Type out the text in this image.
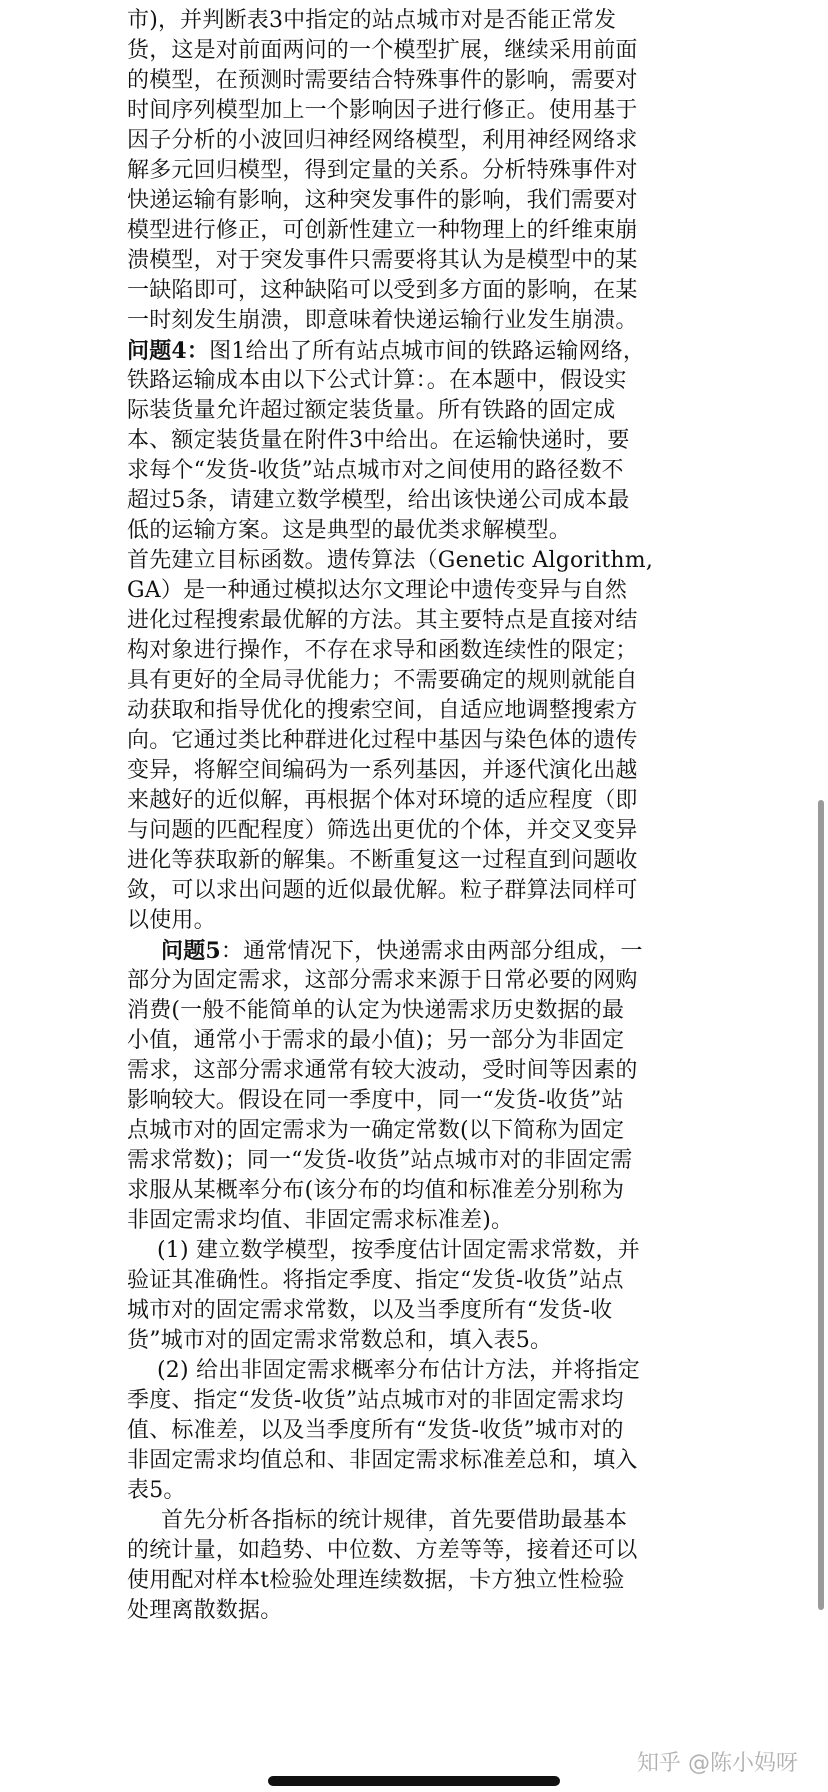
市)，并判断表3中指定的站点城市对是否能正常发
货，这是对前面两问的一个模型扩展，继续采用前面
的模型，在预测时需要结合特殊事件的影响，需要对
时间序列模型加上一个影响因子进行修正。使用基于
因子分析的小波回归神经网络模型，利用神经网络求
解多元回归模型，得到定量的关系。分析特殊事件对
快递运输有影响，这种突发事件的影响，我们需要对
模型进行修正，可创新性建立一种物理上的纤维束崩
溃模型，对于突发事件只需要将其认为是模型中的某
一缺陷即可，这种缺陷可以受到多方面的影响，在某
一时刻发生崩溃，即意味着快递运输行业发生崩溃。
问题4：图1给出了所有站点城市间的铁路运输网络，
铁路运输成本由以下公式计算：。在本题中，假设实
际装货量允许超过额定装货量。所有铁路的固定成
本、额定装货量在附件3中给出。在运输快递时，要
求每个“发货-收货”站点城市对之间使用的路径数不
超过5条，请建立数学模型，给出该快递公司成本最
低的运输方案。这是典型的最优类求解模型。
首先建立目标函数。遗传算法（Genetic Algorithm,
GA）是一种通过模拟达尔文理论中遗传变异与自然
进化过程搜索最优解的方法。其主要特点是直接对结
构对象进行操作，不存在求导和函数连续性的限定；
具有更好的全局寻优能力；不需要确定的规则就能自
动获取和指导优化的搜索空间，自适应地调整搜索方
向。它通过类比种群进化过程中基因与染色体的遗传
变异，将解空间编码为一系列基因，并逐代演化出越
来越好的近似解，再根据个体对环境的适应程度（即
与问题的匹配程度）筛选出更优的个体，并交叉变异
进化等获取新的解集。不断重复这一过程直到问题收
敛，可以求出问题的近似最优解。粒子群算法同样可
以使用。
问题5：通常情况下，快递需求由两部分组成，一
部分为固定需求，这部分需求来源于日常必要的网购
消费(一般不能简单的认定为快递需求历史数据的最
小值，通常小于需求的最小值)；另一部分为非固定
需求，这部分需求通常有较大波动，受时间等因素的
影响较大。假设在同一季度中，同一“发货-收货”站
点城市对的固定需求为一确定常数(以下简称为固定
需求常数)；同一“发货-收货”站点城市对的非固定需
求服从某概率分布(该分布的均值和标准差分别称为
非固定需求均值、非固定需求标准差)。
(1) 建立数学模型，按季度估计固定需求常数，并
验证其准确性。将指定季度、指定“发货-收货”站点
城市对的固定需求常数，以及当季度所有“发货-收
货”城市对的固定需求常数总和，填入表5。
(2) 给出非固定需求概率分布估计方法，并将指定
季度、指定“发货-收货”站点城市对的非固定需求均
值、标准差，以及当季度所有“发货-收货”城市对的
非固定需求均值总和、非固定需求标准差总和，填入
表5。
首先分析各指标的统计规律，首先要借助最基本
的统计量，如趋势、中位数、方差等等，接着还可以
使用配对样本t检验处理连续数据，卡方独立性检验
处理离散数据。
知乎 @陈小妈呀
